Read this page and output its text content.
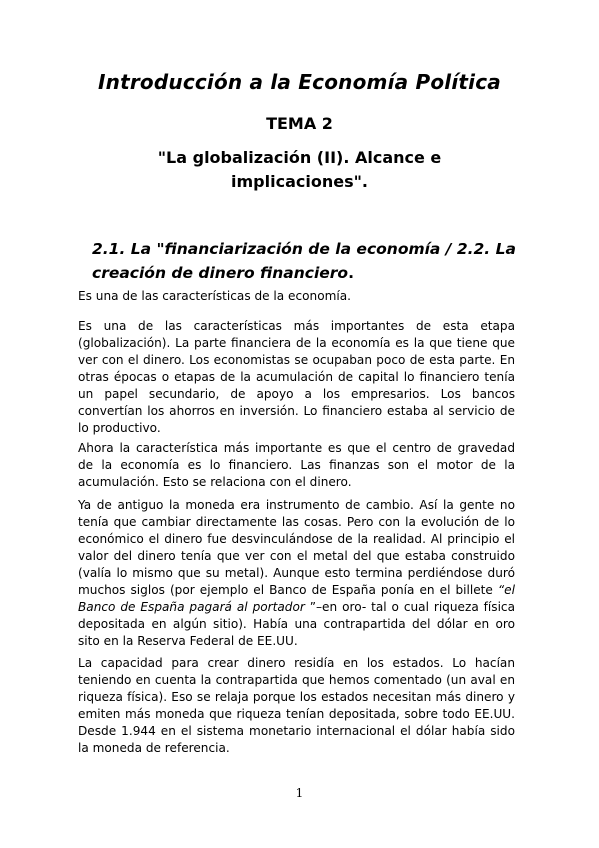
Introducción a la Economía Política
TEMA 2
"La globalización (II). Alcance e implicaciones".
2.1. La "financiarización de la economía / 2.2. La creación de dinero financiero.

Es una de las características de la economía.

Es una de las características más importantes de esta etapa (globalización). La parte financiera de la economía es la que tiene que ver con el dinero. Los economistas se ocupaban poco de esta parte. En otras épocas o etapas de la acumulación de capital lo financiero tenía un papel secundario, de apoyo a los empresarios. Los bancos convertían los ahorros en inversión. Lo financiero estaba al servicio de lo productivo.

Ahora la característica más importante es que el centro de gravedad de la economía es lo financiero. Las finanzas son el motor de la acumulación. Esto se relaciona con el dinero.

Ya de antiguo la moneda era instrumento de cambio. Así la gente no tenía que cambiar directamente las cosas. Pero con la evolución de lo económico el dinero fue desvinculándose de la realidad. Al principio el valor del dinero tenía que ver con el metal del que estaba construido (valía lo mismo que su metal). Aunque esto termina perdiéndose duró muchos siglos (por ejemplo el Banco de España ponía en el billete “el Banco de España pagará al portador ”–en oro- tal o cual riqueza física depositada en algún sitio). Había una contrapartida del dólar en oro sito en la Reserva Federal de EE.UU.

La capacidad para crear dinero residía en los estados. Lo hacían teniendo en cuenta la contrapartida que hemos comentado (un aval en riqueza física). Eso se relaja porque los estados necesitan más dinero y emiten más moneda que riqueza tenían depositada, sobre todo EE.UU. Desde 1.944 en el sistema monetario internacional el dólar había sido la moneda de referencia.

1
